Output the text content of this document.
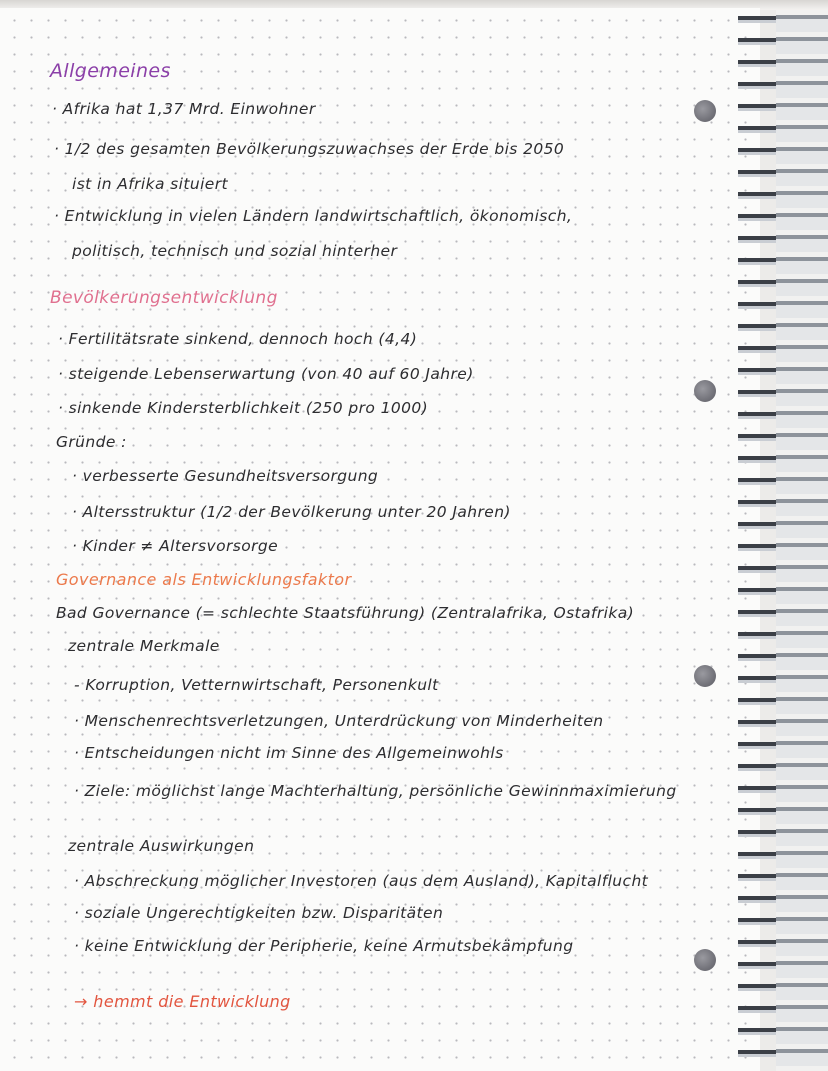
Allgemeines
· Afrika hat 1,37 Mrd. Einwohner
· 1/2 des gesamten Bevölkerungszuwachses der Erde bis 2050
ist in Afrika situiert
· Entwicklung in vielen Ländern landwirtschaftlich, ökonomisch,
politisch, technisch und sozial hinterher
Bevölkerungsentwicklung
· Fertilitätsrate sinkend, dennoch hoch (4,4)
· steigende Lebenserwartung (von 40 auf 60 Jahre)
· sinkende Kindersterblichkeit (250 pro 1000)
Gründe :
· verbesserte Gesundheitsversorgung
· Altersstruktur (1/2 der Bevölkerung unter 20 Jahren)
· Kinder ≠ Altersvorsorge
Governance als Entwicklungsfaktor
Bad Governance (= schlechte Staatsführung) (Zentralafrika, Ostafrika)
zentrale Merkmale
- Korruption, Vetternwirtschaft, Personenkult
· Menschenrechtsverletzungen, Unterdrückung von Minderheiten
· Entscheidungen nicht im Sinne des Allgemeinwohls
· Ziele: möglichst lange Machterhaltung, persönliche Gewinnmaximierung
zentrale Auswirkungen
· Abschreckung möglicher Investoren (aus dem Ausland), Kapitalflucht
· soziale Ungerechtigkeiten bzw. Disparitäten
· keine Entwicklung der Peripherie, keine Armutsbekämpfung
→ hemmt die Entwicklung
